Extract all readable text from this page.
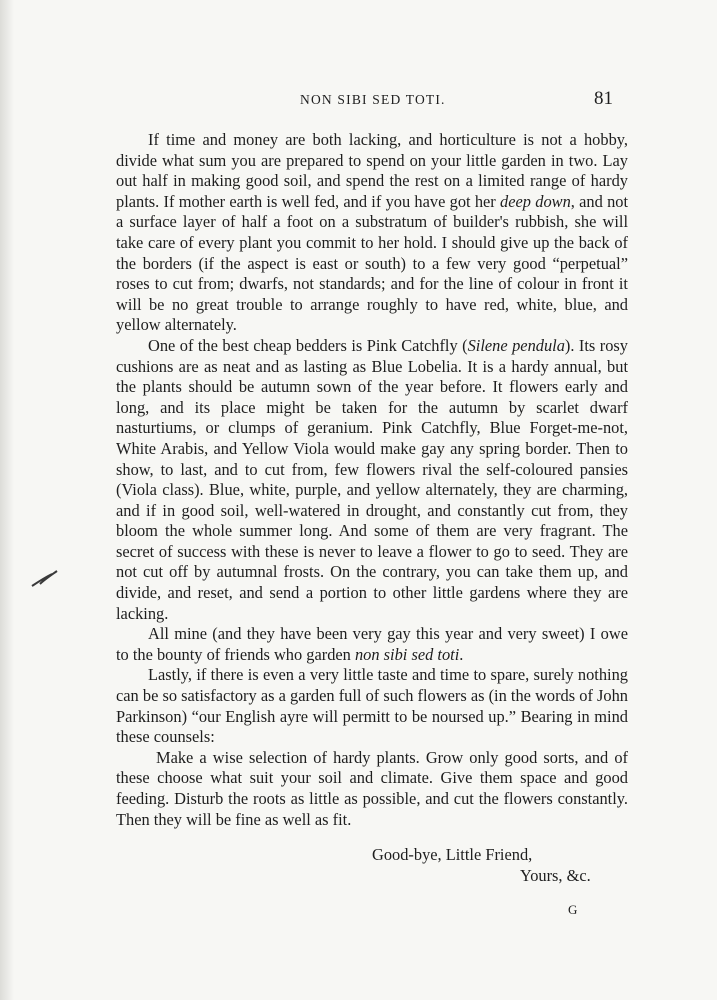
NON SIBI SED TOTI.	81

If time and money are both lacking, and horticulture is not a hobby, divide what sum you are prepared to spend on your little garden in two. Lay out half in making good soil, and spend the rest on a limited range of hardy plants. If mother earth is well fed, and if you have got her deep down, and not a surface layer of half a foot on a substratum of builder's rubbish, she will take care of every plant you commit to her hold. I should give up the back of the borders (if the aspect is east or south) to a few very good “perpetual” roses to cut from; dwarfs, not standards; and for the line of colour in front it will be no great trouble to arrange roughly to have red, white, blue, and yellow alternately.

One of the best cheap bedders is Pink Catchfly (Silene pendula). Its rosy cushions are as neat and as lasting as Blue Lobelia. It is a hardy annual, but the plants should be autumn sown of the year before. It flowers early and long, and its place might be taken for the autumn by scarlet dwarf nasturtiums, or clumps of geranium. Pink Catchfly, Blue Forget-me-not, White Arabis, and Yellow Viola would make gay any spring border. Then to show, to last, and to cut from, few flowers rival the self-coloured pansies (Viola class). Blue, white, purple, and yellow alternately, they are charming, and if in good soil, well-watered in drought, and constantly cut from, they bloom the whole summer long. And some of them are very fragrant. The secret of success with these is never to leave a flower to go to seed. They are not cut off by autumnal frosts. On the contrary, you can take them up, and divide, and reset, and send a portion to other little gardens where they are lacking.

All mine (and they have been very gay this year and very sweet) I owe to the bounty of friends who garden non sibi sed toti.

Lastly, if there is even a very little taste and time to spare, surely nothing can be so satisfactory as a garden full of such flowers as (in the words of John Parkinson) “our English ayre will permitt to be noursed up.” Bearing in mind these counsels:

Make a wise selection of hardy plants. Grow only good sorts, and of these choose what suit your soil and climate. Give them space and good feeding. Disturb the roots as little as possible, and cut the flowers constantly. Then they will be fine as well as fit.

Good-bye, Little Friend,
Yours, &c.
G
